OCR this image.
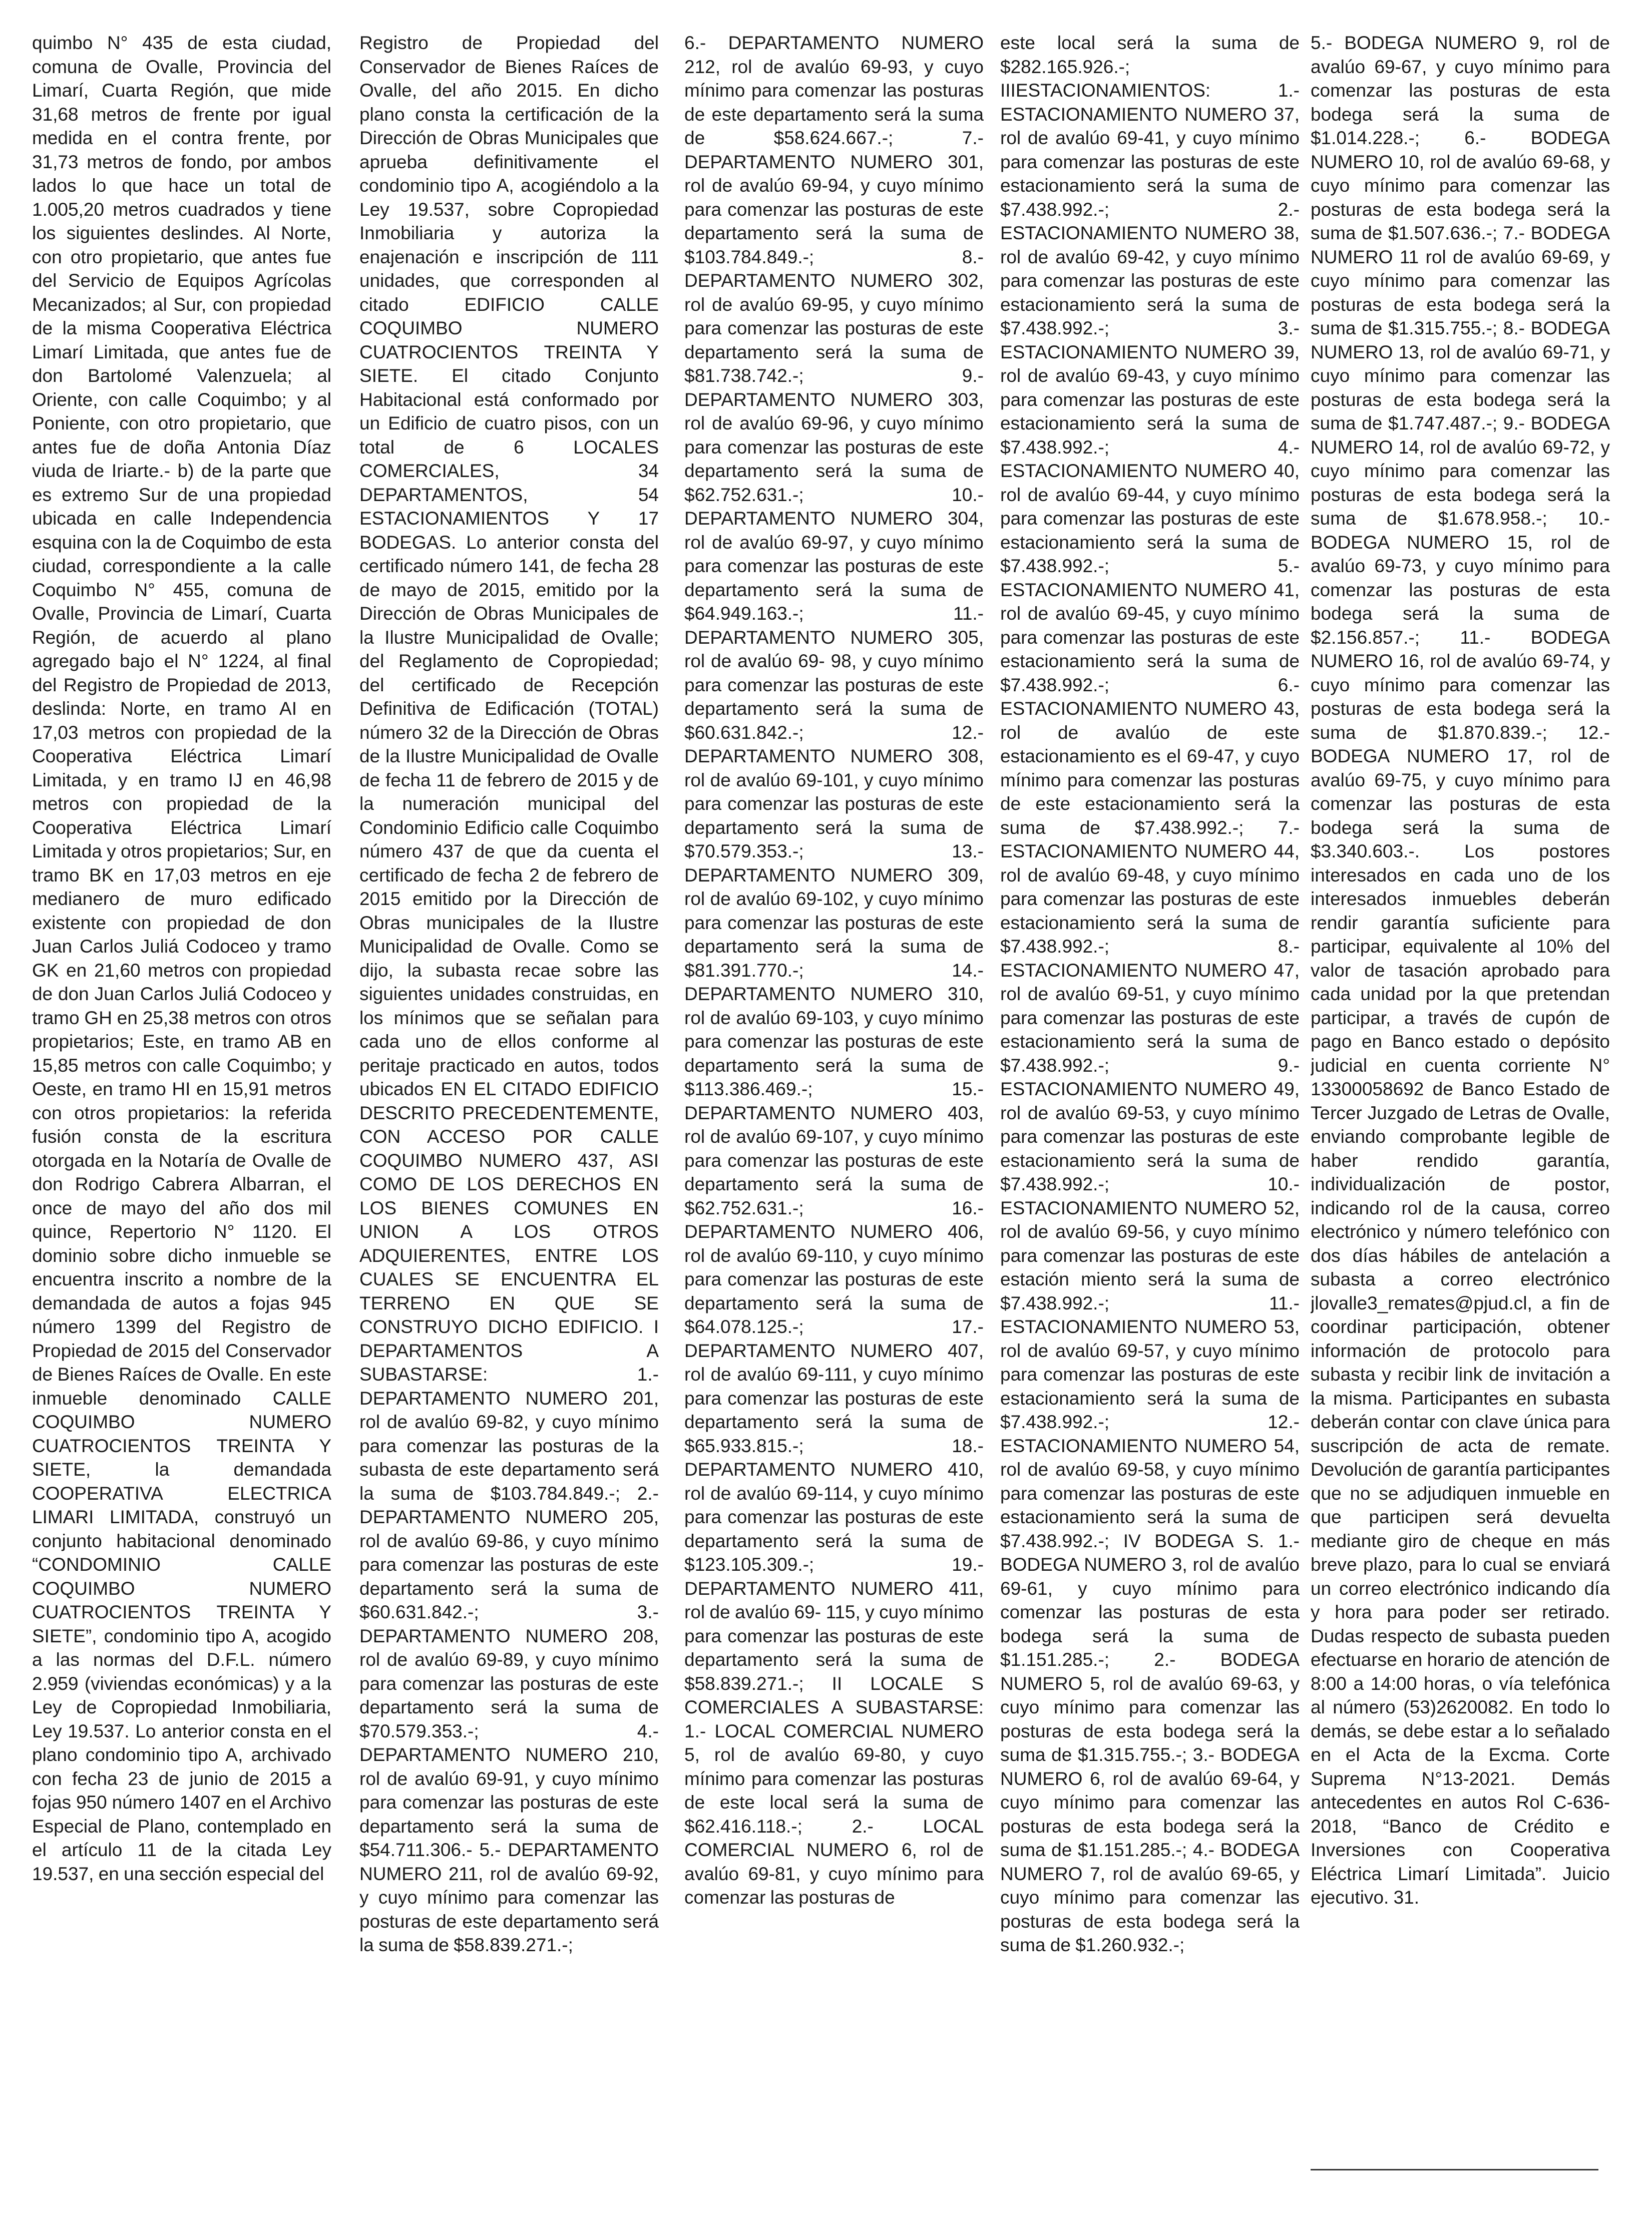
quimbo N° 435 de esta ciudad, comuna de Ovalle, Provincia del Limarí, Cuarta Región, que mide 31,68 metros de frente por igual medida en el contra frente, por 31,73 metros de fondo, por ambos lados lo que hace un total de 1.005,20 metros cuadrados y tiene los siguientes deslindes. Al Norte, con otro propietario, que antes fue del Servicio de Equipos Agrícolas Mecanizados; al Sur, con propiedad de la misma Cooperativa Eléctrica Limarí Limitada, que antes fue de don Bartolomé Valenzuela; al Oriente, con calle Coquimbo; y al Poniente, con otro propietario, que antes fue de doña Antonia Díaz viuda de Iriarte.- b) de la parte que es extremo Sur de una propiedad ubicada en calle Independencia esquina con la de Coquimbo de esta ciudad, correspondiente a la calle Coquimbo N° 455, comuna de Ovalle, Provincia de Limarí, Cuarta Región, de acuerdo al plano agregado bajo el N° 1224, al final del Registro de Propiedad de 2013, deslinda: Norte, en tramo AI en 17,03 metros con propiedad de la Cooperativa Eléctrica Limarí Limitada, y en tramo IJ en 46,98 metros con propiedad de la Cooperativa Eléctrica Limarí Limitada y otros propietarios; Sur, en tramo BK en 17,03 metros en eje medianero de muro edificado existente con propiedad de don Juan Carlos Juliá Codoceo y tramo GK en 21,60 metros con propiedad de don Juan Carlos Juliá Codoceo y tramo GH en 25,38 metros con otros propietarios; Este, en tramo AB en 15,85 metros con calle Coquimbo; y Oeste, en tramo HI en 15,91 metros con otros propietarios: la referida fusión consta de la escritura otorgada en la Notaría de Ovalle de don Rodrigo Cabrera Albarran, el once de mayo del año dos mil quince, Repertorio N° 1120. El dominio sobre dicho inmueble se encuentra inscrito a nombre de la demandada de autos a fojas 945 número 1399 del Registro de Propiedad de 2015 del Conservador de Bienes Raíces de Ovalle. En este inmueble denominado CALLE COQUIMBO NUMERO CUATROCIENTOS TREINTA Y SIETE, la demandada COOPERATIVA ELECTRICA LIMARI LIMITADA, construyó un conjunto habitacional denominado “CONDOMINIO CALLE COQUIMBO NUMERO CUATROCIENTOS TREINTA Y SIETE”, condominio tipo A, acogido a las normas del D.F.L. número 2.959 (viviendas económicas) y a la Ley de Copropiedad Inmobiliaria, Ley 19.537. Lo anterior consta en el plano condominio tipo A, archivado con fecha 23 de junio de 2015 a fojas 950 número 1407 en el Archivo Especial de Plano, contemplado en el artículo 11 de la citada Ley 19.537, en una sección especial del

Registro de Propiedad del Conservador de Bienes Raíces de Ovalle, del año 2015. En dicho plano consta la certificación de la Dirección de Obras Municipales que aprueba definitivamente el condominio tipo A, acogiéndolo a la Ley 19.537, sobre Copropiedad Inmobiliaria y autoriza la enajenación e inscripción de 111 unidades, que corresponden al citado EDIFICIO CALLE COQUIMBO NUMERO CUATROCIENTOS TREINTA Y SIETE. El citado Conjunto Habitacional está conformado por un Edificio de cuatro pisos, con un total de 6 LOCALES COMERCIALES, 34 DEPARTAMENTOS, 54 ESTACIONAMIENTOS Y 17 BODEGAS. Lo anterior consta del certificado número 141, de fecha 28 de mayo de 2015, emitido por la Dirección de Obras Municipales de la Ilustre Municipalidad de Ovalle; del Reglamento de Copropiedad; del certificado de Recepción Definitiva de Edificación (TOTAL) número 32 de la Dirección de Obras de la Ilustre Municipalidad de Ovalle de fecha 11 de febrero de 2015 y de la numeración municipal del Condominio Edificio calle Coquimbo número 437 de que da cuenta el certificado de fecha 2 de febrero de 2015 emitido por la Dirección de Obras municipales de la Ilustre Municipalidad de Ovalle. Como se dijo, la subasta recae sobre las siguientes unidades construidas, en los mínimos que se señalan para cada uno de ellos conforme al peritaje practicado en autos, todos ubicados EN EL CITADO EDIFICIO DESCRITO PRECEDENTEMENTE, CON ACCESO POR CALLE COQUIMBO NUMERO 437, ASI COMO DE LOS DERECHOS EN LOS BIENES COMUNES EN UNION A LOS OTROS ADQUIERENTES, ENTRE LOS CUALES SE ENCUENTRA EL TERRENO EN QUE SE CONSTRUYO DICHO EDIFICIO. I DEPARTAMENTOS A SUBASTARSE: 1.- DEPARTAMENTO NUMERO 201, rol de avalúo 69-82, y cuyo mínimo para comenzar las posturas de la subasta de este departamento será la suma de $103.784.849.-; 2.- DEPARTAMENTO NUMERO 205, rol de avalúo 69-86, y cuyo mínimo para comenzar las posturas de este departamento será la suma de $60.631.842.-; 3.- DEPARTAMENTO NUMERO 208, rol de avalúo 69-89, y cuyo mínimo para comenzar las posturas de este departamento será la suma de $70.579.353.-; 4.- DEPARTAMENTO NUMERO 210, rol de avalúo 69-91, y cuyo mínimo para comenzar las posturas de este departamento será la suma de $54.711.306.- 5.- DEPARTAMENTO NUMERO 211, rol de avalúo 69-92, y cuyo mínimo para comenzar las posturas de este departamento será la suma de $58.839.271.-;

6.- DEPARTAMENTO NUMERO 212, rol de avalúo 69-93, y cuyo mínimo para comenzar las posturas de este departamento será la suma de $58.624.667.-; 7.- DEPARTAMENTO NUMERO 301, rol de avalúo 69-94, y cuyo mínimo para comenzar las posturas de este departamento será la suma de $103.784.849.-; 8.- DEPARTAMENTO NUMERO 302, rol de avalúo 69-95, y cuyo mínimo para comenzar las posturas de este departamento será la suma de $81.738.742.-; 9.- DEPARTAMENTO NUMERO 303, rol de avalúo 69-96, y cuyo mínimo para comenzar las posturas de este departamento será la suma de $62.752.631.-; 10.- DEPARTAMENTO NUMERO 304, rol de avalúo 69-97, y cuyo mínimo para comenzar las posturas de este departamento será la suma de $64.949.163.-; 11.- DEPARTAMENTO NUMERO 305, rol de avalúo 69- 98, y cuyo mínimo para comenzar las posturas de este departamento será la suma de $60.631.842.-; 12.- DEPARTAMENTO NUMERO 308, rol de avalúo 69-101, y cuyo mínimo para comenzar las posturas de este departamento será la suma de $70.579.353.-; 13.- DEPARTAMENTO NUMERO 309, rol de avalúo 69-102, y cuyo mínimo para comenzar las posturas de este departamento será la suma de $81.391.770.-; 14.- DEPARTAMENTO NUMERO 310, rol de avalúo 69-103, y cuyo mínimo para comenzar las posturas de este departamento será la suma de $113.386.469.-; 15.- DEPARTAMENTO NUMERO 403, rol de avalúo 69-107, y cuyo mínimo para comenzar las posturas de este departamento será la suma de $62.752.631.-; 16.- DEPARTAMENTO NUMERO 406, rol de avalúo 69-110, y cuyo mínimo para comenzar las posturas de este departamento será la suma de $64.078.125.-; 17.- DEPARTAMENTO NUMERO 407, rol de avalúo 69-111, y cuyo mínimo para comenzar las posturas de este departamento será la suma de $65.933.815.-; 18.- DEPARTAMENTO NUMERO 410, rol de avalúo 69-114, y cuyo mínimo para comenzar las posturas de este departamento será la suma de $123.105.309.-; 19.- DEPARTAMENTO NUMERO 411, rol de avalúo 69- 115, y cuyo mínimo para comenzar las posturas de este departamento será la suma de $58.839.271.-; II LOCALE S COMERCIALES A SUBASTARSE: 1.- LOCAL COMERCIAL NUMERO 5, rol de avalúo 69-80, y cuyo mínimo para comenzar las posturas de este local será la suma de $62.416.118.-; 2.- LOCAL COMERCIAL NUMERO 6, rol de avalúo 69-81, y cuyo mínimo para comenzar las posturas de

este local será la suma de $282.165.926.-; IIIESTACIONAMIENTOS: 1.- ESTACIONAMIENTO NUMERO 37, rol de avalúo 69-41, y cuyo mínimo para comenzar las posturas de este estacionamiento será la suma de $7.438.992.-; 2.- ESTACIONAMIENTO NUMERO 38, rol de avalúo 69-42, y cuyo mínimo para comenzar las posturas de este estacionamiento será la suma de $7.438.992.-; 3.- ESTACIONAMIENTO NUMERO 39, rol de avalúo 69-43, y cuyo mínimo para comenzar las posturas de este estacionamiento será la suma de $7.438.992.-; 4.- ESTACIONAMIENTO NUMERO 40, rol de avalúo 69-44, y cuyo mínimo para comenzar las posturas de este estacionamiento será la suma de $7.438.992.-; 5.- ESTACIONAMIENTO NUMERO 41, rol de avalúo 69-45, y cuyo mínimo para comenzar las posturas de este estacionamiento será la suma de $7.438.992.-; 6.- ESTACIONAMIENTO NUMERO 43, rol de avalúo de este estacionamiento es el 69-47, y cuyo mínimo para comenzar las posturas de este estacionamiento será la suma de $7.438.992.-; 7.- ESTACIONAMIENTO NUMERO 44, rol de avalúo 69-48, y cuyo mínimo para comenzar las posturas de este estacionamiento será la suma de $7.438.992.-; 8.- ESTACIONAMIENTO NUMERO 47, rol de avalúo 69-51, y cuyo mínimo para comenzar las posturas de este estacionamiento será la suma de $7.438.992.-; 9.- ESTACIONAMIENTO NUMERO 49, rol de avalúo 69-53, y cuyo mínimo para comenzar las posturas de este estacionamiento será la suma de $7.438.992.-; 10.- ESTACIONAMIENTO NUMERO 52, rol de avalúo 69-56, y cuyo mínimo para comenzar las posturas de este estación miento será la suma de $7.438.992.-; 11.- ESTACIONAMIENTO NUMERO 53, rol de avalúo 69-57, y cuyo mínimo para comenzar las posturas de este estacionamiento será la suma de $7.438.992.-; 12.- ESTACIONAMIENTO NUMERO 54, rol de avalúo 69-58, y cuyo mínimo para comenzar las posturas de este estacionamiento será la suma de $7.438.992.-; IV BODEGA S. 1.- BODEGA NUMERO 3, rol de avalúo 69-61, y cuyo mínimo para comenzar las posturas de esta bodega será la suma de $1.151.285.-; 2.- BODEGA NUMERO 5, rol de avalúo 69-63, y cuyo mínimo para comenzar las posturas de esta bodega será la suma de $1.315.755.-; 3.- BODEGA NUMERO 6, rol de avalúo 69-64, y cuyo mínimo para comenzar las posturas de esta bodega será la suma de $1.151.285.-; 4.- BODEGA NUMERO 7, rol de avalúo 69-65, y cuyo mínimo para comenzar las posturas de esta bodega será la suma de $1.260.932.-;

5.- BODEGA NUMERO 9, rol de avalúo 69-67, y cuyo mínimo para comenzar las posturas de esta bodega será la suma de $1.014.228.-; 6.- BODEGA NUMERO 10, rol de avalúo 69-68, y cuyo mínimo para comenzar las posturas de esta bodega será la suma de $1.507.636.-; 7.- BODEGA NUMERO 11 rol de avalúo 69-69, y cuyo mínimo para comenzar las posturas de esta bodega será la suma de $1.315.755.-; 8.- BODEGA NUMERO 13, rol de avalúo 69-71, y cuyo mínimo para comenzar las posturas de esta bodega será la suma de $1.747.487.-; 9.- BODEGA NUMERO 14, rol de avalúo 69-72, y cuyo mínimo para comenzar las posturas de esta bodega será la suma de $1.678.958.-; 10.- BODEGA NUMERO 15, rol de avalúo 69-73, y cuyo mínimo para comenzar las posturas de esta bodega será la suma de $2.156.857.-; 11.- BODEGA NUMERO 16, rol de avalúo 69-74, y cuyo mínimo para comenzar las posturas de esta bodega será la suma de $1.870.839.-; 12.- BODEGA NUMERO 17, rol de avalúo 69-75, y cuyo mínimo para comenzar las posturas de esta bodega será la suma de $3.340.603.-. Los postores interesados en cada uno de los interesados inmuebles deberán rendir garantía suficiente para participar, equivalente al 10% del valor de tasación aprobado para cada unidad por la que pretendan participar, a través de cupón de pago en Banco estado o depósito judicial en cuenta corriente N° 13300058692 de Banco Estado de Tercer Juzgado de Letras de Ovalle, enviando comprobante legible de haber rendido garantía, individualización de postor, indicando rol de la causa, correo electrónico y número telefónico con dos días hábiles de antelación a subasta a correo electrónico jlovalle3_remates@pjud.cl, a fin de coordinar participación, obtener información de protocolo para subasta y recibir link de invitación a la misma. Participantes en subasta deberán contar con clave única para suscripción de acta de remate. Devolución de garantía participantes que no se adjudiquen inmueble en que participen será devuelta mediante giro de cheque en más breve plazo, para lo cual se enviará un correo electrónico indicando día y hora para poder ser retirado. Dudas respecto de subasta pueden efectuarse en horario de atención de 8:00 a 14:00 horas, o vía telefónica al número (53)2620082. En todo lo demás, se debe estar a lo señalado en el Acta de la Excma. Corte Suprema N°13-2021. Demás antecedentes en autos Rol C-636-2018, “Banco de Crédito e Inversiones con Cooperativa Eléctrica Limarí Limitada”. Juicio ejecutivo. 31.
